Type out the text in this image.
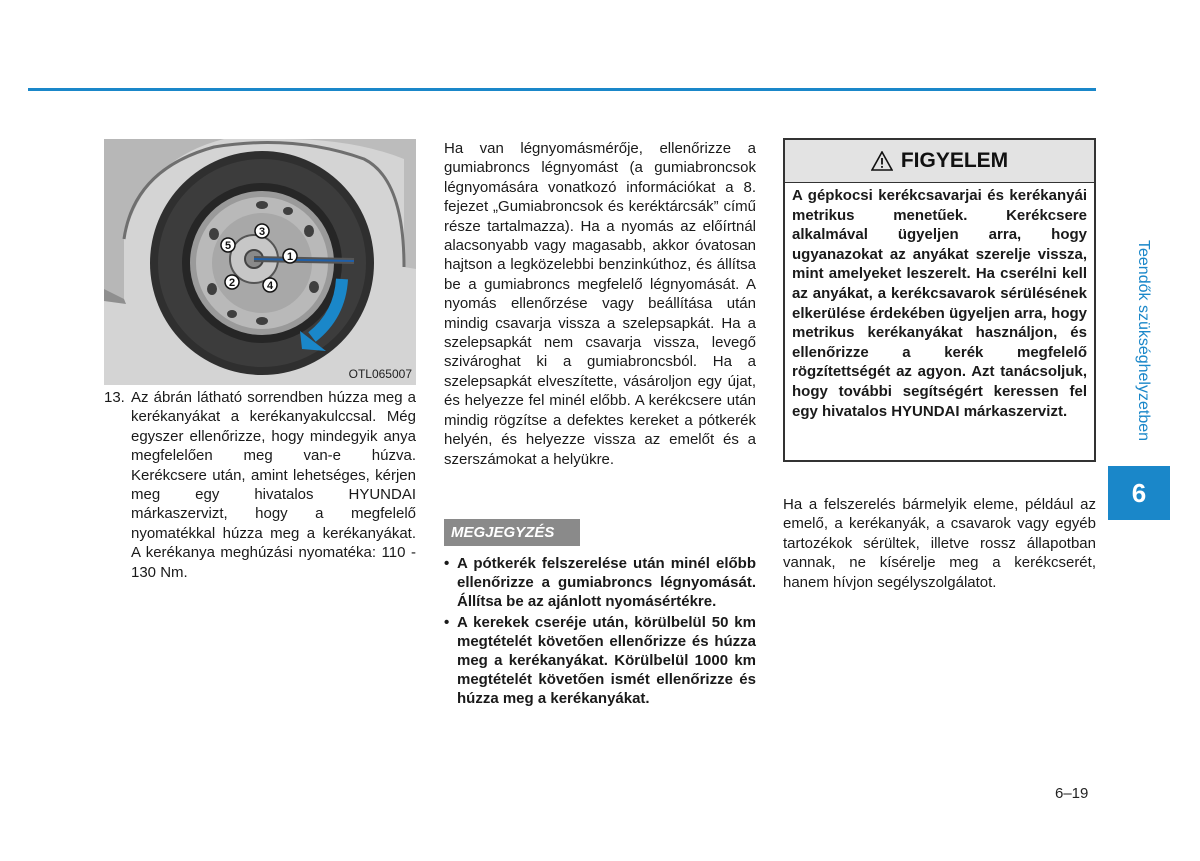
1
2
3
4
5
OTL065007
13. Az ábrán látható sorrendben húzza meg a kerékanyákat a kerékanyakulccsal. Még egyszer ellenőrizze, hogy mindegyik anya megfelelően meg van-e húzva. Kerékcsere után, amint lehetséges, kérjen meg egy hivatalos HYUNDAI márkaszervizt, hogy a megfelelő nyomatékkal húzza meg a kerékanyákat. A kerékanya meghúzási nyomatéka: 110 - 130 Nm.

Ha van légnyomásmérője, ellenőrizze a gumiabroncs légnyomást (a gumiabroncsok légnyomására vonatkozó információkat a 8. fejezet „Gumiabroncsok és keréktárcsák” című része tartalmazza). Ha a nyomás az előírtnál alacsonyabb vagy magasabb, akkor óvatosan hajtson a legközelebbi benzinkúthoz, és állítsa be a gumiabroncs megfelelő légnyomását. A nyomás ellenőrzése vagy beállítása után mindig csavarja vissza a szelepsapkát. Ha a szelepsapkát nem csavarja vissza, levegő szivároghat ki a gumiabroncsból. Ha a szelepsapkát elveszítette, vásároljon egy újat, és helyezze fel minél előbb. A kerékcsere után mindig rögzítse a defektes kereket a pótkerék helyén, és helyezze vissza az emelőt és a szerszámokat a helyükre.

MEGJEGYZÉS
• A pótkerék felszerelése után minél előbb ellenőrizze a gumiabroncs légnyomását. Állítsa be az ajánlott nyomásértékre.
• A kerekek cseréje után, körülbelül 50 km megtételét követően ellenőrizze és húzza meg a kerékanyákat. Körülbelül 1000 km megtételét követően ismét ellenőrizze és húzza meg a kerékanyákat.
FIGYELEM
A gépkocsi kerékcsavarjai és kerékanyái metrikus menetűek. Kerékcsere alkalmával ügyeljen arra, hogy ugyanazokat az anyákat szerelje vissza, mint amelyeket leszerelt. Ha cserélni kell az anyákat, a kerékcsavarok sérülésének elkerülése érdekében ügyeljen arra, hogy metrikus kerékanyákat használjon, és ellenőrizze a kerék megfelelő rögzítettségét az agyon. Azt tanácsoljuk, hogy további segítségért keressen fel egy hivatalos HYUNDAI márkaszervizt.
Ha a felszerelés bármelyik eleme, például az emelő, a kerékanyák, a csavarok vagy egyéb tartozékok sérültek, illetve rossz állapotban vannak, ne kísérelje meg a kerékcserét, hanem hívjon segélyszolgálatot.
Teendők szükséghelyzetben
6
6–19
